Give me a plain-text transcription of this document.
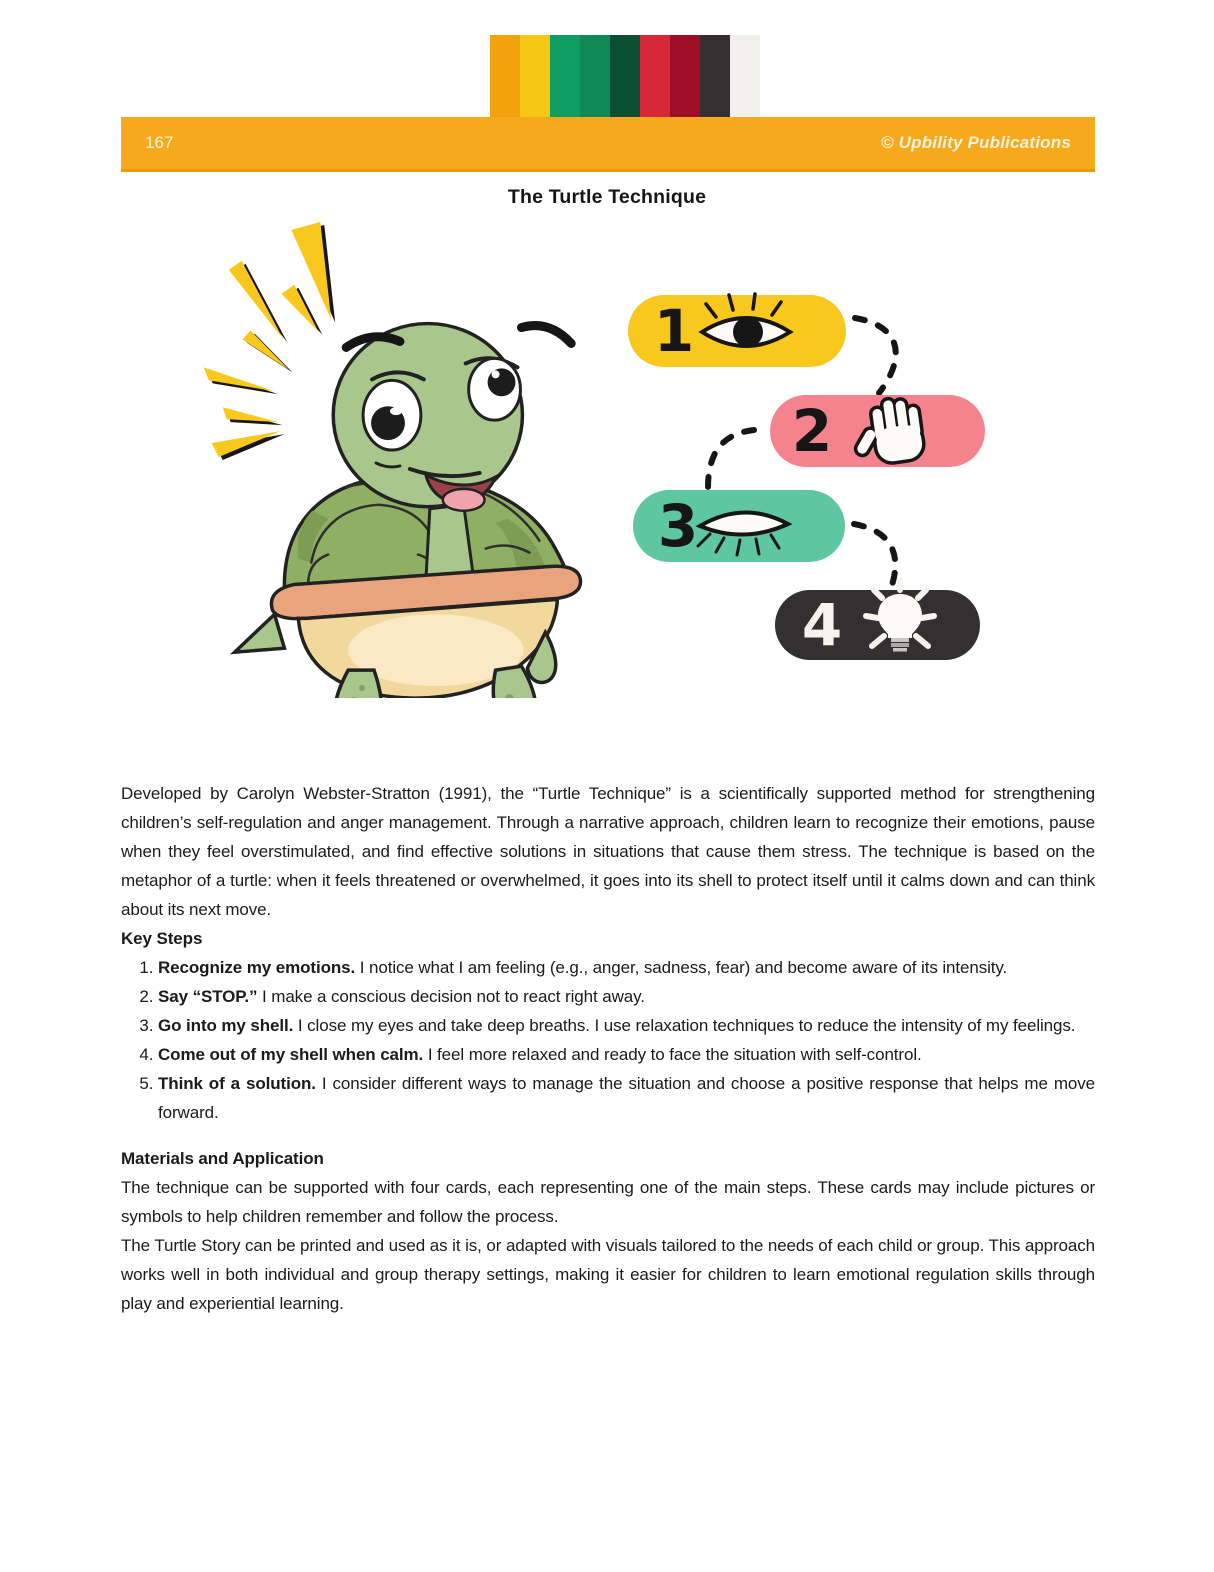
167	© Upbility Publications
The Turtle Technique
1
2
3
4

Developed by Carolyn Webster-Stratton (1991), the “Turtle Technique” is a scientifically supported method for strengthening children’s self-regulation and anger management. Through a narrative approach, children learn to recognize their emotions, pause when they feel overstimulated, and find effective solutions in situations that cause them stress. The technique is based on the metaphor of a turtle: when it feels threatened or overwhelmed, it goes into its shell to protect itself until it calms down and can think about its next move.

Key Steps

1. Recognize my emotions. I notice what I am feeling (e.g., anger, sadness, fear) and become aware of its intensity.
2. Say “STOP.” I make a conscious decision not to react right away.
3. Go into my shell. I close my eyes and take deep breaths. I use relaxation techniques to reduce the intensity of my feelings.
4. Come out of my shell when calm. I feel more relaxed and ready to face the situation with self-control.
5. Think of a solution. I consider different ways to manage the situation and choose a positive response that helps me move forward.

Materials and Application

The technique can be supported with four cards, each representing one of the main steps. These cards may include pictures or symbols to help children remember and follow the process.

The Turtle Story can be printed and used as it is, or adapted with visuals tailored to the needs of each child or group. This approach works well in both individual and group therapy settings, making it easier for children to learn emotional regulation skills through play and experiential learning.
